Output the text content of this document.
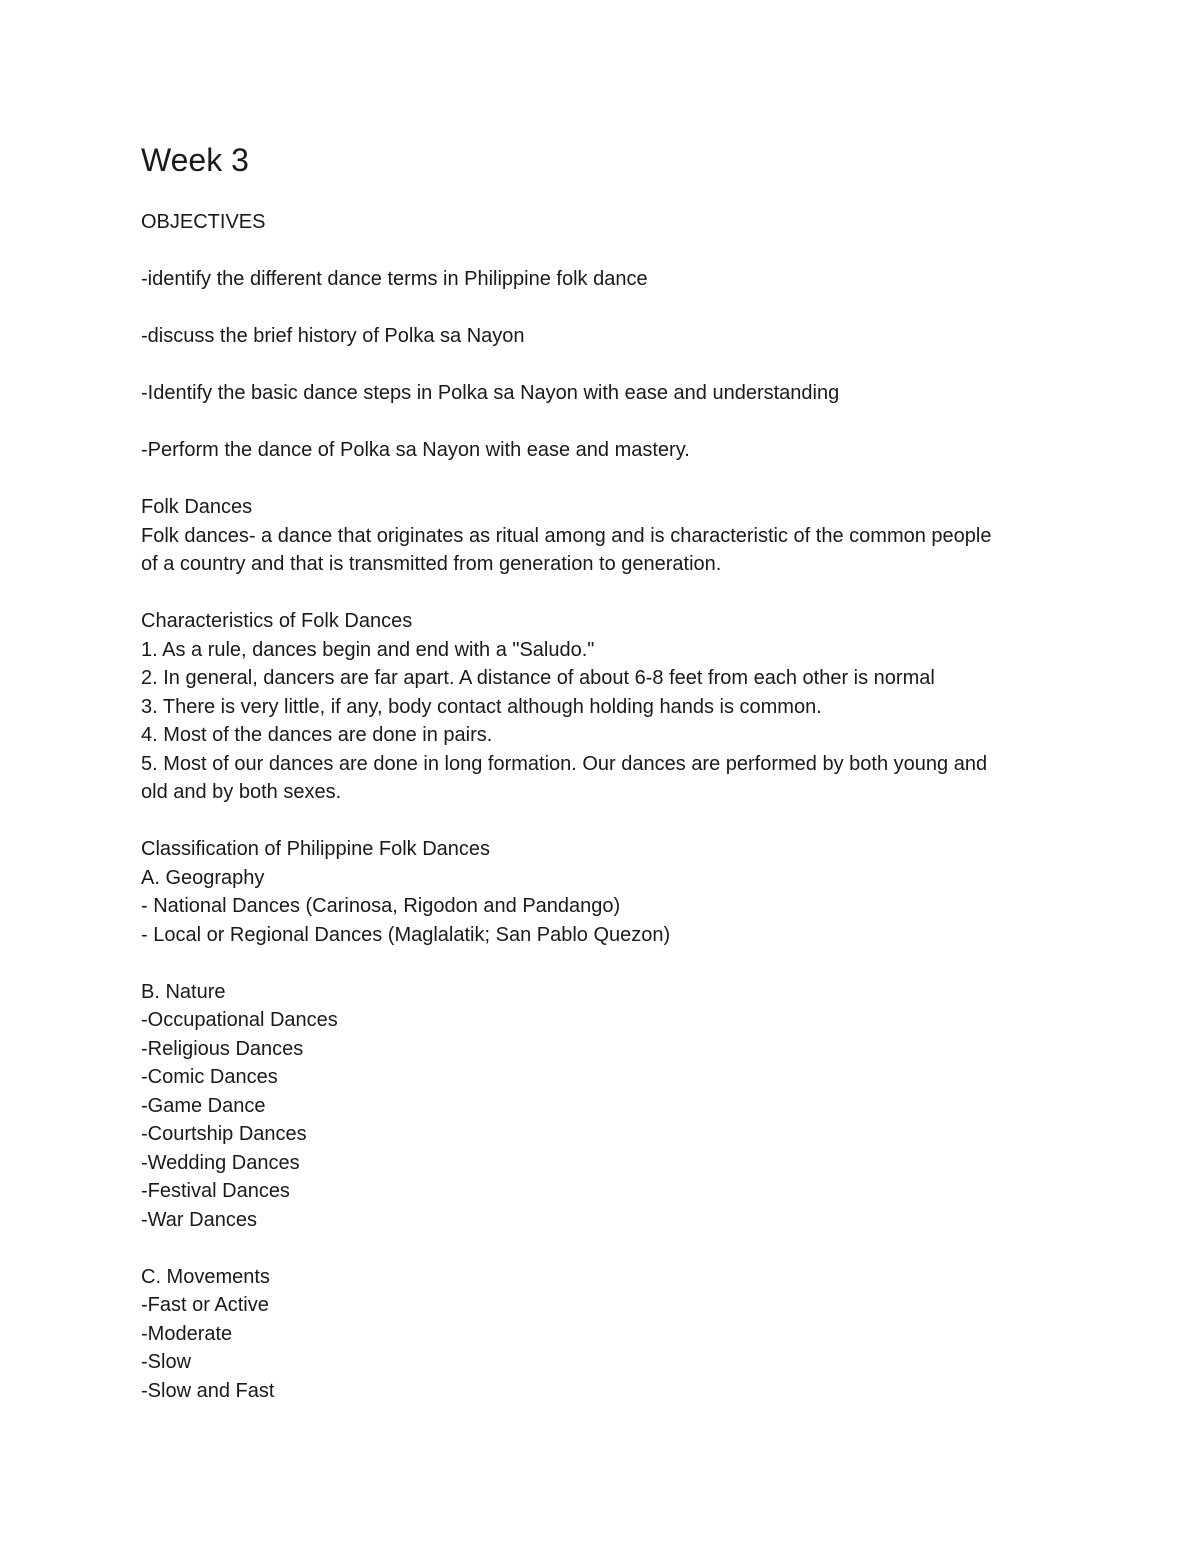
Week 3
OBJECTIVES
-identify the different dance terms in Philippine folk dance
-discuss the brief history of Polka sa Nayon
-Identify the basic dance steps in Polka sa Nayon with ease and understanding
-Perform the dance of Polka sa Nayon with ease and mastery.
Folk Dances
Folk dances- a dance that originates as ritual among and is characteristic of the common people
of a country and that is transmitted from generation to generation.
Characteristics of Folk Dances
1. As a rule, dances begin and end with a "Saludo."
2. In general, dancers are far apart. A distance of about 6-8 feet from each other is normal
3. There is very little, if any, body contact although holding hands is common.
4. Most of the dances are done in pairs.
5. Most of our dances are done in long formation. Our dances are performed by both young and
old and by both sexes.
Classification of Philippine Folk Dances
A. Geography
- National Dances (Carinosa, Rigodon and Pandango)
- Local or Regional Dances (Maglalatik; San Pablo Quezon)
B. Nature
-Occupational Dances
-Religious Dances
-Comic Dances
-Game Dance
-Courtship Dances
-Wedding Dances
-Festival Dances
-War Dances
C. Movements
-Fast or Active
-Moderate
-Slow
-Slow and Fast
